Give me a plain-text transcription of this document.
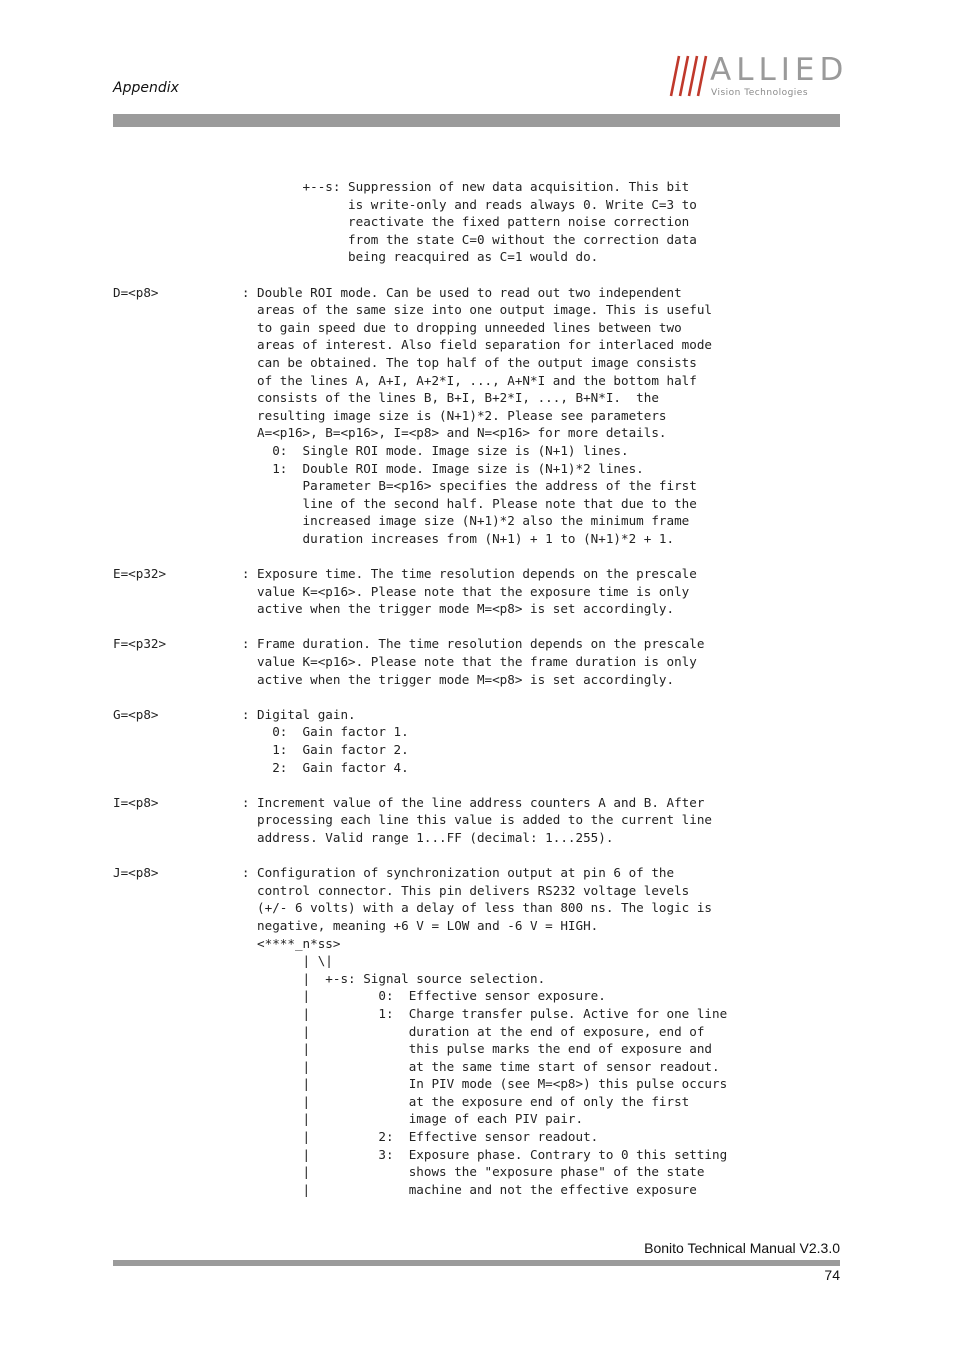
Appendix	ALLIED
Vision Technologies
+--s: Suppression of new data acquisition. This bit
is write-only and reads always 0. Write C=3 to
reactivate the fixed pattern noise correction
from the state C=0 without the correction data
being reacquired as C=1 would do.

D=<p8>           : Double ROI mode. Can be used to read out two independent
areas of the same size into one output image. This is useful
to gain speed due to dropping unneeded lines between two
areas of interest. Also field separation for interlaced mode
can be obtained. The top half of the output image consists
of the lines A, A+I, A+2*I, ..., A+N*I and the bottom half
consists of the lines B, B+I, B+2*I, ..., B+N*I.  the
resulting image size is (N+1)*2. Please see parameters
A=<p16>, B=<p16>, I=<p8> and N=<p16> for more details.
0:  Single ROI mode. Image size is (N+1) lines.
1:  Double ROI mode. Image size is (N+1)*2 lines.
Parameter B=<p16> specifies the address of the first
line of the second half. Please note that due to the
increased image size (N+1)*2 also the minimum frame
duration increases from (N+1) + 1 to (N+1)*2 + 1.

E=<p32>          : Exposure time. The time resolution depends on the prescale
value K=<p16>. Please note that the exposure time is only
active when the trigger mode M=<p8> is set accordingly.

F=<p32>          : Frame duration. The time resolution depends on the prescale
value K=<p16>. Please note that the frame duration is only
active when the trigger mode M=<p8> is set accordingly.

G=<p8>           : Digital gain.
0:  Gain factor 1.
1:  Gain factor 2.
2:  Gain factor 4.

I=<p8>           : Increment value of the line address counters A and B. After
processing each line this value is added to the current line
address. Valid range 1...FF (decimal: 1...255).

J=<p8>           : Configuration of synchronization output at pin 6 of the
control connector. This pin delivers RS232 voltage levels
(+/- 6 volts) with a delay of less than 800 ns. The logic is
negative, meaning +6 V = LOW and -6 V = HIGH.
<****_n*ss>
| \|
|  +-s: Signal source selection.
|         0:  Effective sensor exposure.
|         1:  Charge transfer pulse. Active for one line
|             duration at the end of exposure, end of
|             this pulse marks the end of exposure and
|             at the same time start of sensor readout.
|             In PIV mode (see M=<p8>) this pulse occurs
|             at the exposure end of only the first
|             image of each PIV pair.
|         2:  Effective sensor readout.
|         3:  Exposure phase. Contrary to 0 this setting
|             shows the "exposure phase" of the state
|             machine and not the effective exposure

Bonito Technical Manual V2.3.0
74
